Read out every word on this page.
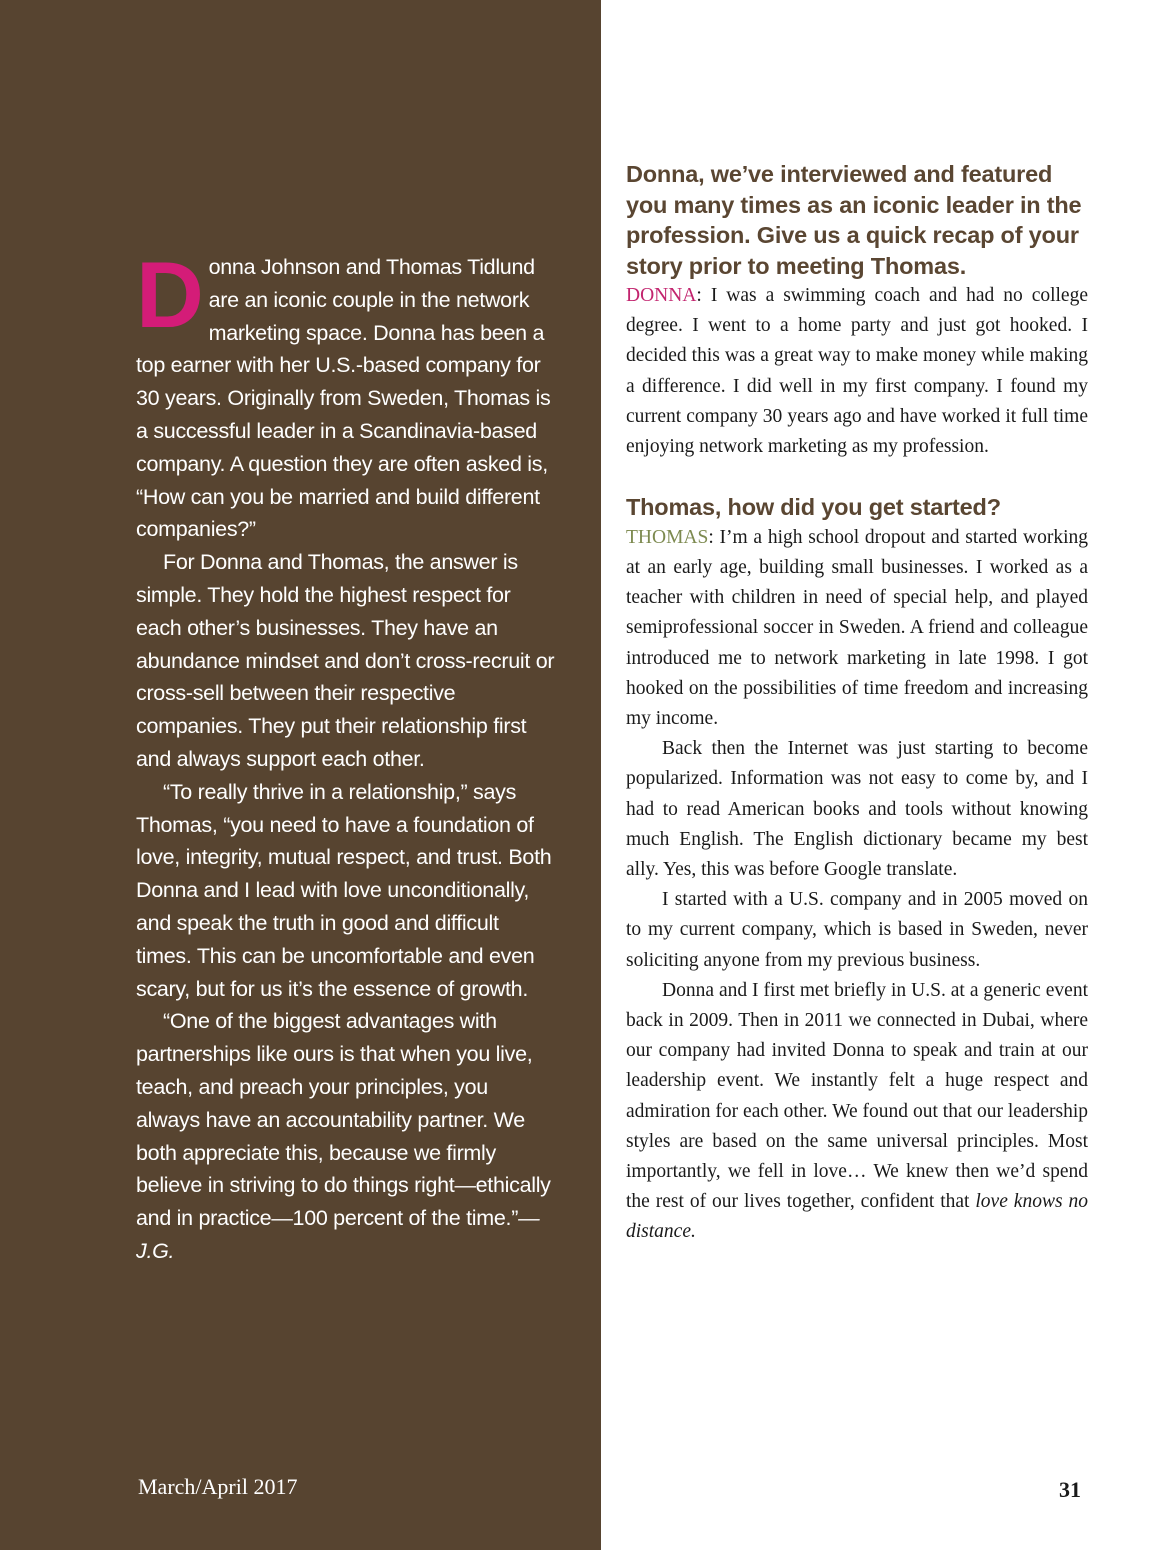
Donna Johnson and Thomas Tidlund are an iconic couple in the network marketing space. Donna has been a top earner with her U.S.-based company for 30 years. Originally from Sweden, Thomas is a successful leader in a Scandinavia-based company. A question they are often asked is, “How can you be married and build different companies?”

For Donna and Thomas, the answer is simple. They hold the highest respect for each other’s businesses. They have an abundance mindset and don’t cross-recruit or cross-sell between their respective companies. They put their relationship first and always support each other.

“To really thrive in a relationship,” says Thomas, “you need to have a foundation of love, integrity, mutual respect, and trust. Both Donna and I lead with love unconditionally, and speak the truth in good and difficult times. This can be uncomfortable and even scary, but for us it’s the essence of growth.

“One of the biggest advantages with partnerships like ours is that when you live, teach, and preach your principles, you always have an accountability partner. We both appreciate this, because we firmly believe in striving to do things right—ethically and in practice—100 percent of the time.”—J.G.

March/April 2017
Donna, we’ve interviewed and featured you many times as an iconic leader in the profession. Give us a quick recap of your story prior to meeting Thomas.

DONNA: I was a swimming coach and had no college degree. I went to a home party and just got hooked. I decided this was a great way to make money while making a difference. I did well in my first company. I found my current company 30 years ago and have worked it full time enjoying network marketing as my profession.

Thomas, how did you get started?

THOMAS: I’m a high school dropout and started working at an early age, building small businesses. I worked as a teacher with children in need of special help, and played semiprofessional soccer in Sweden. A friend and colleague introduced me to network marketing in late 1998. I got hooked on the possibilities of time freedom and increasing my income.

Back then the Internet was just starting to become popularized. Information was not easy to come by, and I had to read American books and tools without knowing much English. The English dictionary became my best ally. Yes, this was before Google translate.

I started with a U.S. company and in 2005 moved on to my current company, which is based in Sweden, never soliciting anyone from my previous business.

Donna and I first met briefly in U.S. at a generic event back in 2009. Then in 2011 we connected in Dubai, where our company had invited Donna to speak and train at our leadership event. We instantly felt a huge respect and admiration for each other. We found out that our leadership styles are based on the same universal principles. Most importantly, we fell in love… We knew then we’d spend the rest of our lives together, confident that love knows no distance.

31
